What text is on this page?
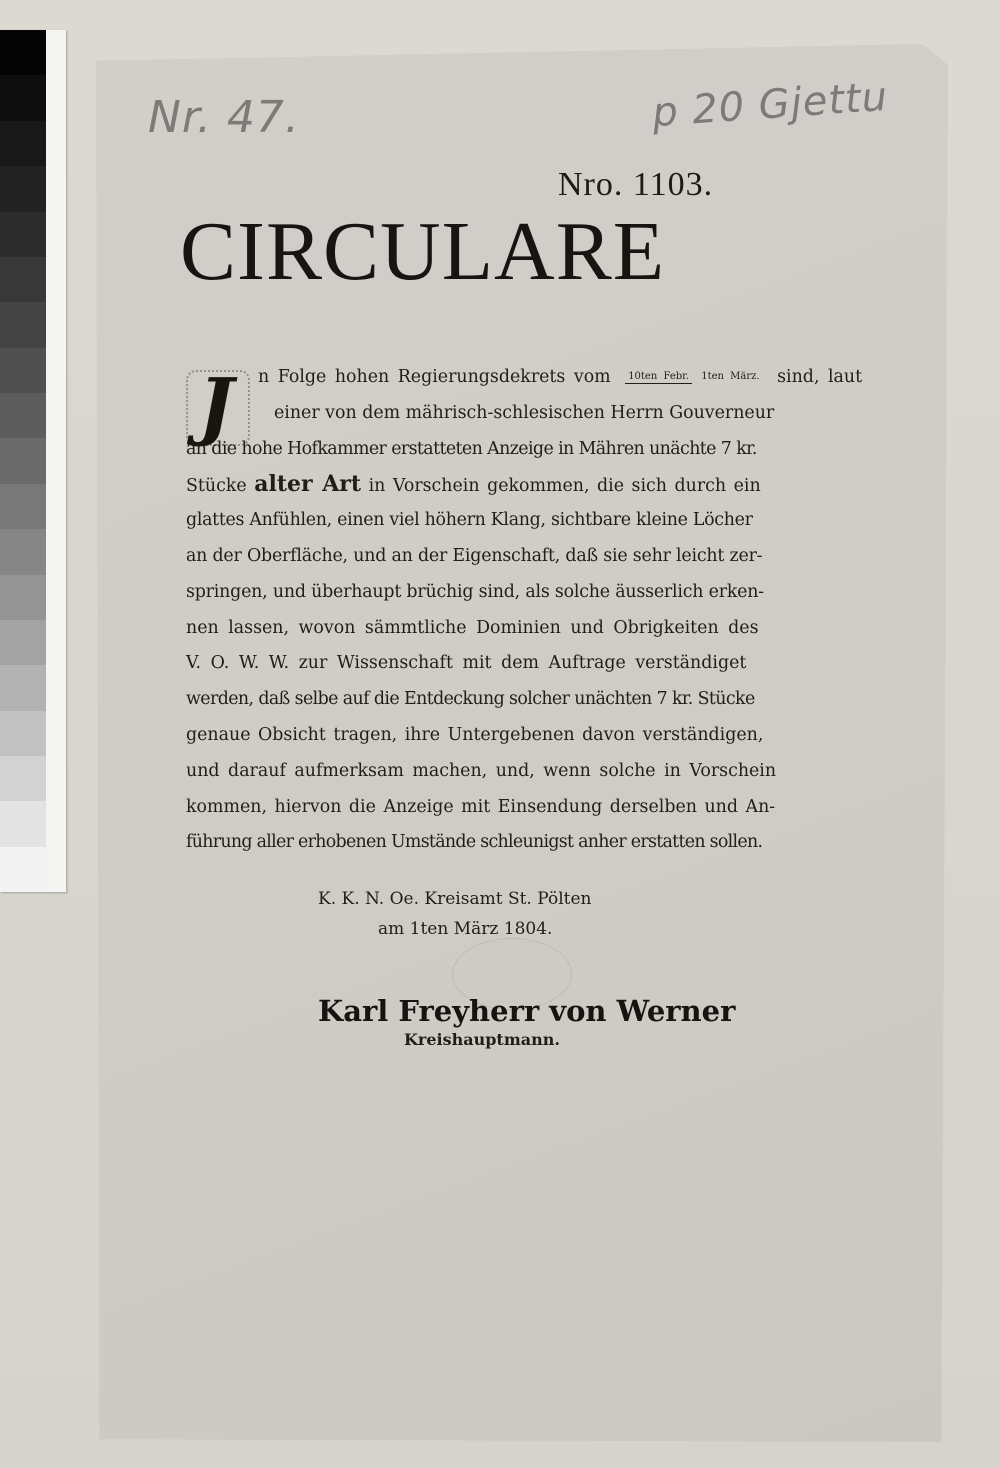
Nr. 47.	p 20 Gjettu
Nro. 1103.
CIRCULARE
J	n Folge hohen Regierungsdekrets vom 10ten Febr. 1ten März. sind, laut
einer von dem mährisch-schlesischen Herrn Gouverneur
an die hohe Hofkammer erstatteten Anzeige in Mähren unächte 7 kr.
Stücke alter Art in Vorschein gekommen, die sich durch ein
glattes Anfühlen, einen viel höhern Klang, sichtbare kleine Löcher
an der Oberfläche, und an der Eigenschaft, daß sie sehr leicht zer-
springen, und überhaupt brüchig sind, als solche äusserlich erken-
nen lassen, wovon sämmtliche Dominien und Obrigkeiten des
V. O. W. W. zur Wissenschaft mit dem Auftrage verständiget
werden, daß selbe auf die Entdeckung solcher unächten 7 kr. Stücke
genaue Obsicht tragen, ihre Untergebenen davon verständigen,
und darauf aufmerksam machen, und, wenn solche in Vorschein
kommen, hiervon die Anzeige mit Einsendung derselben und An-
führung aller erhobenen Umstände schleunigst anher erstatten sollen.
K. K. N. Oe. Kreisamt St. Pölten
am 1ten März 1804.
Karl Freyherr von Werner
Kreishauptmann.
